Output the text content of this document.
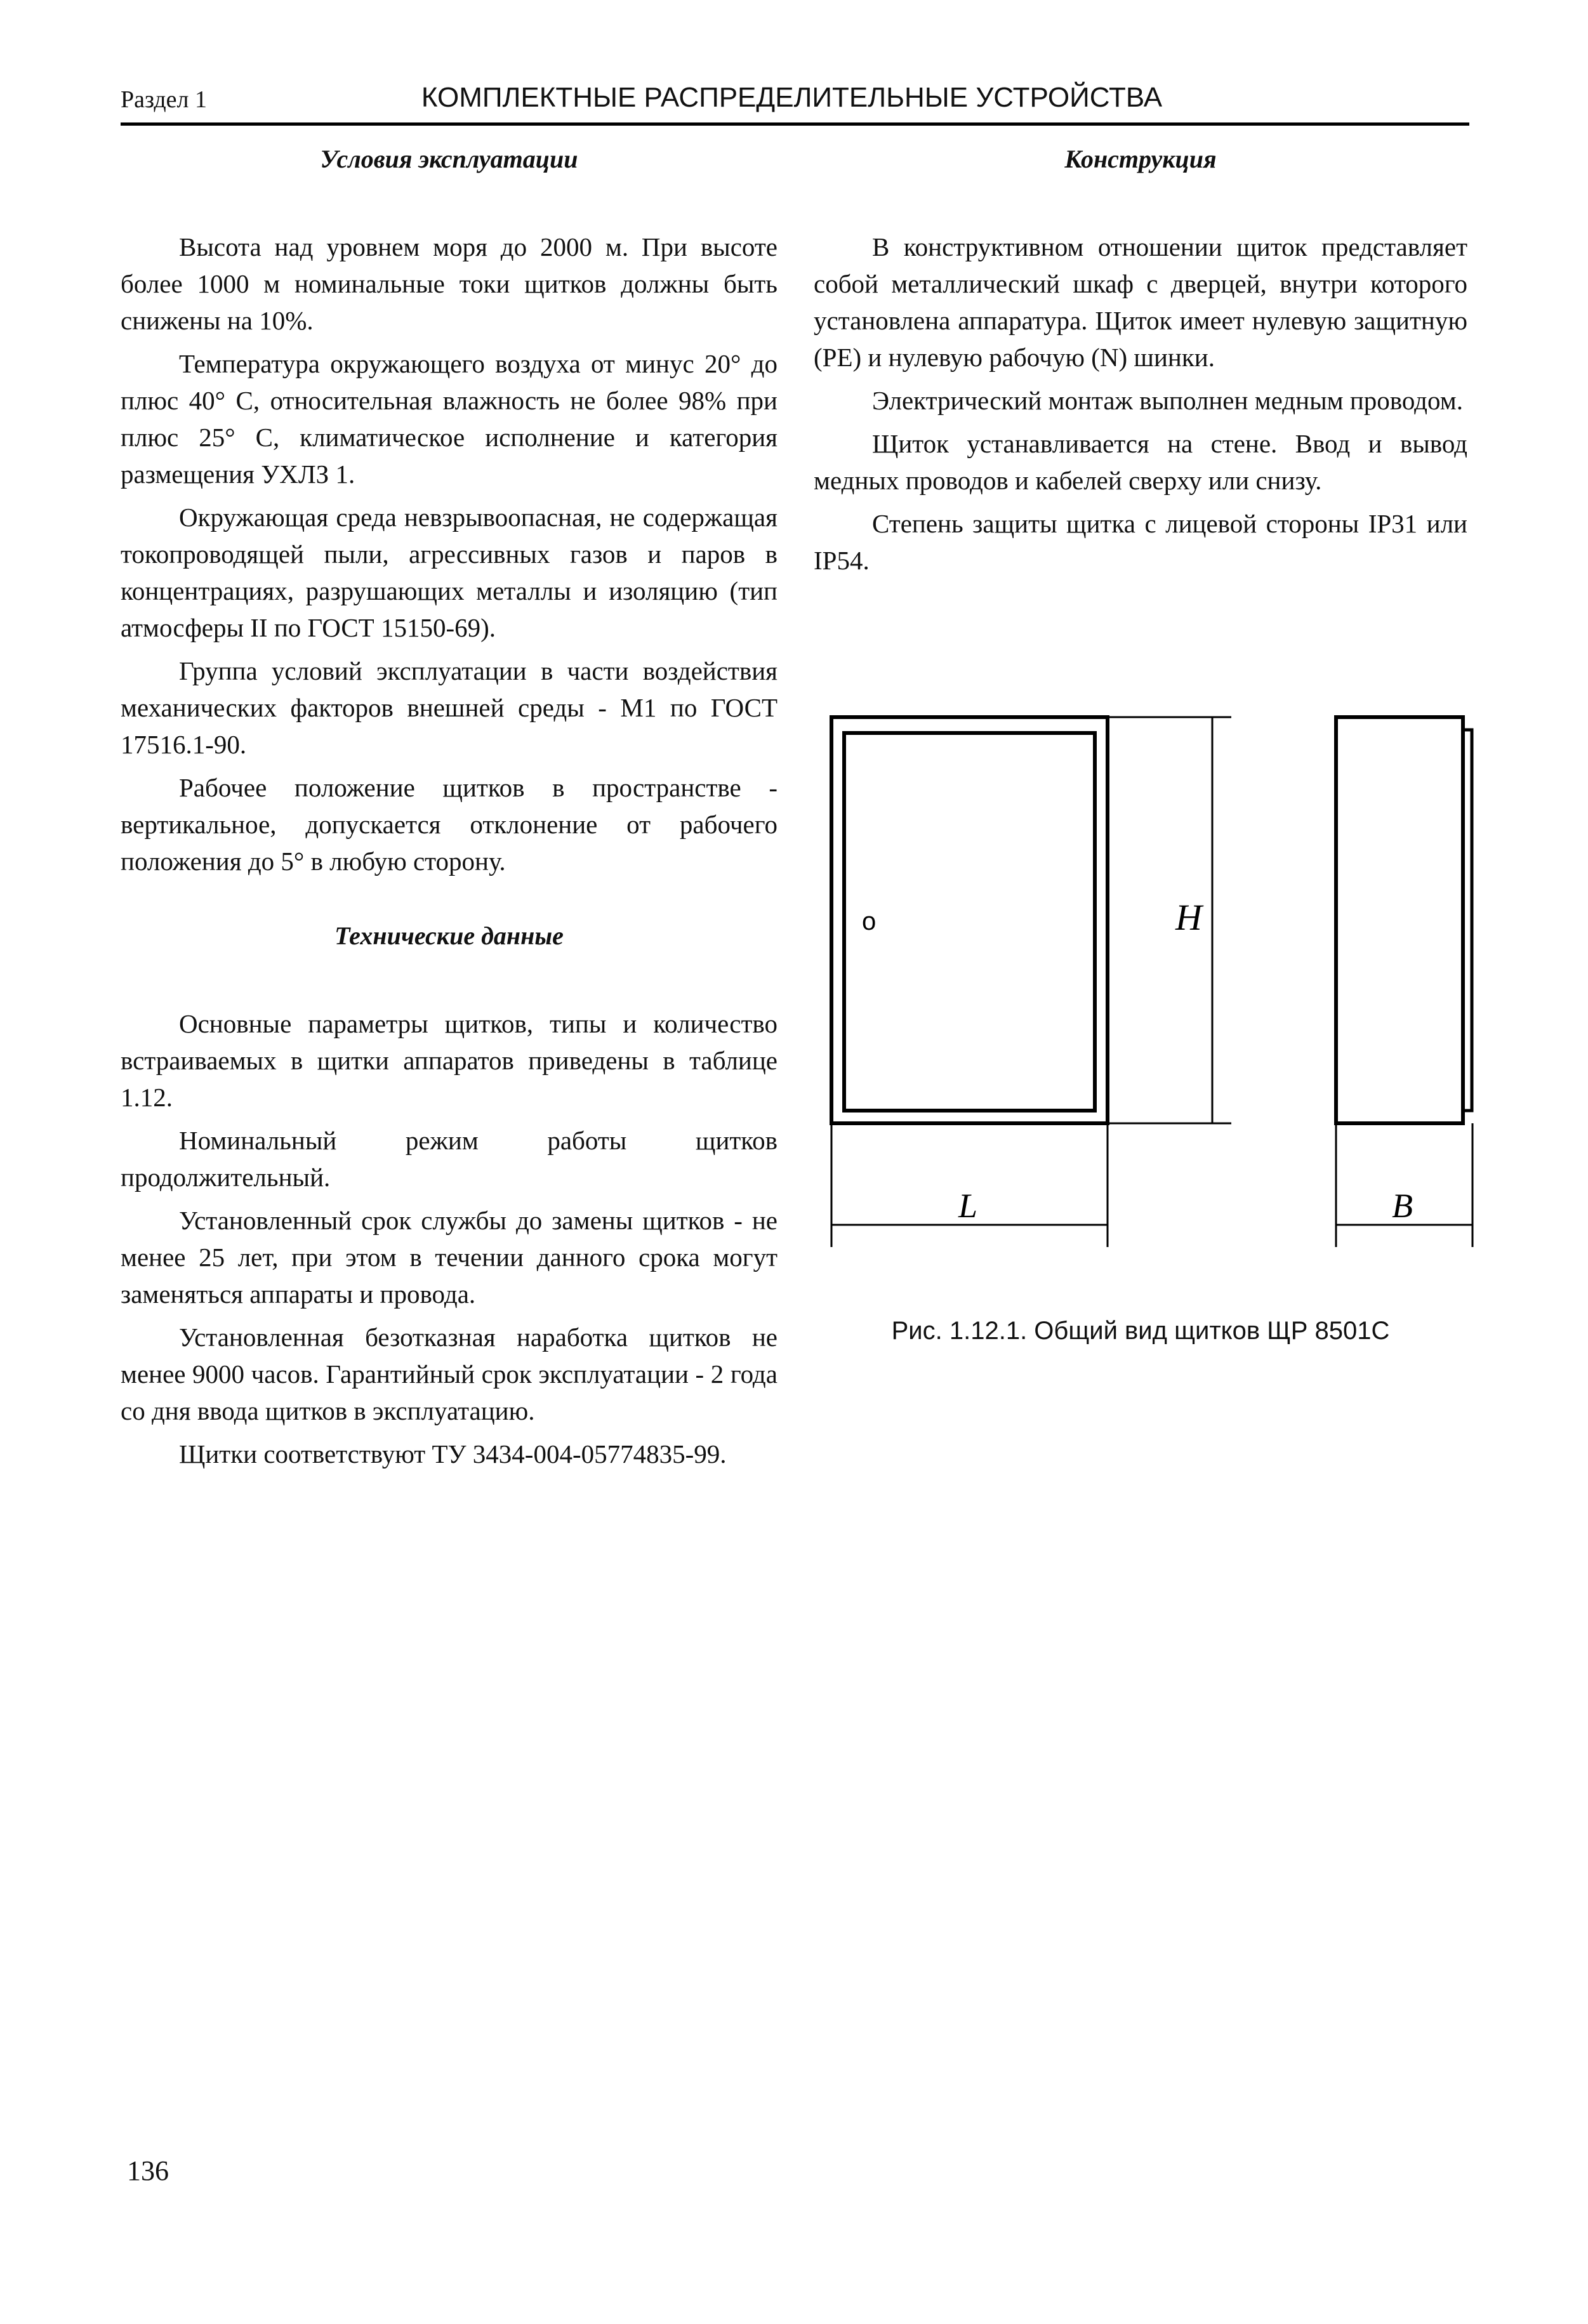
Раздел 1	КОМПЛЕКТНЫЕ РАСПРЕДЕЛИТЕЛЬНЫЕ УСТРОЙСТВА
Условия эксплуатации

Высота над уровнем моря до 2000 м. При высоте более 1000 м номинальные токи щитков должны быть снижены на 10%.

Температура окружающего воздуха от минус 20° до плюс 40° С, относительная влажность не более 98% при плюс 25° С, климатическое исполнение и категория размещения УХЛЗ 1.

Окружающая среда невзрывоопасная, не содержащая токопроводящей пыли, агрессивных газов и паров в концентрациях, разрушающих металлы и изоляцию (тип атмосферы II по ГОСТ 15150-69).

Группа условий эксплуатации в части воздействия механических факторов внешней среды - М1 по ГОСТ 17516.1-90.

Рабочее положение щитков в пространстве - вертикальное, допускается отклонение от рабочего положения до 5° в любую сторону.

Технические данные

Основные параметры щитков, типы и количество встраиваемых в щитки аппаратов приведены в таблице 1.12.

Номинальный режим работы щитков продолжительный.

Установленный срок службы до замены щитков - не менее 25 лет, при этом в течении данного срока могут заменяться аппараты и провода.

Установленная безотказная наработка щитков не менее 9000 часов. Гарантийный срок эксплуатации - 2 года со дня ввода щитков в эксплуатацию.

Щитки соответствуют ТУ 3434-004-05774835-99.

Конструкция

В конструктивном отношении щиток представляет собой металлический шкаф с дверцей, внутри которого установлена аппаратура. Щиток имеет нулевую защитную (PE) и нулевую рабочую (N) шинки.

Электрический монтаж выполнен медным проводом.

Щиток устанавливается на стене. Ввод и вывод медных проводов и кабелей сверху или снизу.

Степень защиты щитка с лицевой стороны IP31 или IP54.

o	H
L	B
Рис. 1.12.1. Общий вид щитков ЩР 8501С
136
